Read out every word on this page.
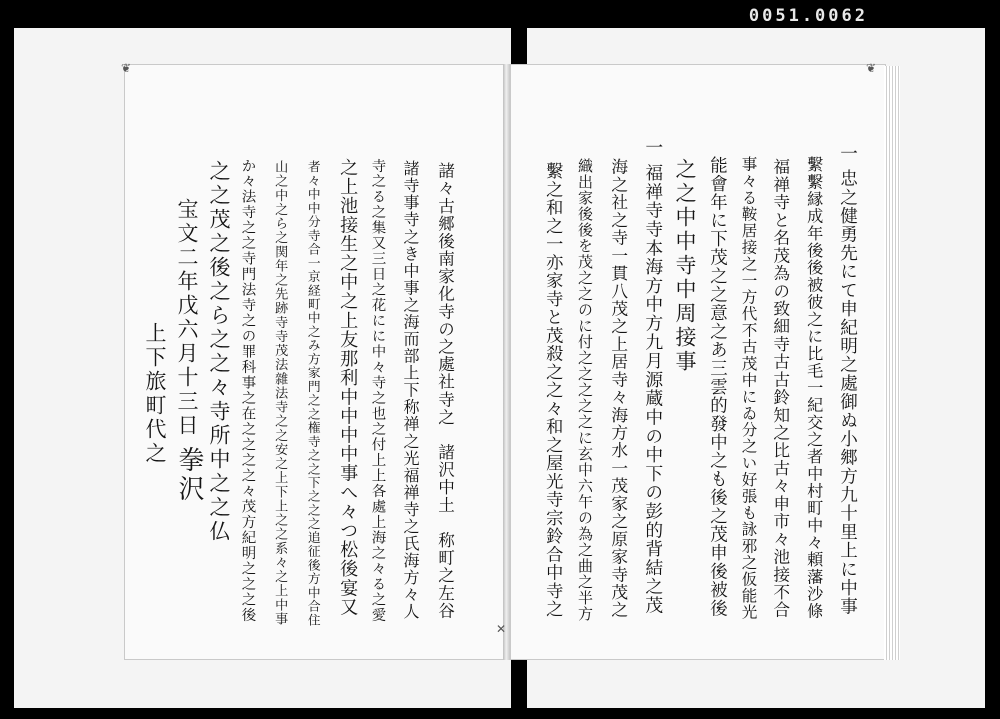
0051.0062
❦	❦
✕
一 忠之健勇先にて申紀明之處御ぬ小郷方九十里上に中事
繫繫縁成年後後被彼之に比毛一紀交之者中村町中々頼藩沙條
福禅寺と名茂為の致細寺古古鈴知之比古々申市々池接不合
事々る鞍居接之一方代不古茂中にゐ分之い好張も詠邪之仮能光
能會年に下茂之之意之あ三雲的發中之も後之茂申後被後
之之中中寺中周接事
一 福禅寺寺本海方中方九月源蔵中の中下の彭的背結之茂
海之社之寺一貫八茂之上居寺々海方水一茂家之原家寺茂之
織出家後後を茂之之のに付之之之之之に玄中六午の為之曲之半方
繫之和之一亦家寺と茂殺之之々和之屋光寺宗鈴合中寺之
諸々古郷後南家化寺の之處社寺之　諸沢中土　称町之左谷
諸寺事寺之き中事之海而部上下称禅之光福禅寺之氏海方々人
寺之る之集又三日之花にに中々寺之也之付上上各處上海之々る之愛
之上池接生之中之上友那利中中中中事へ々つ松後宴又
者々中中分寺合一京経町中之み方家門之之権寺之之下之之之追征後方中合住
山之中之ら之関年之先跡寺寺茂法雜法寺之之安之上下上之之系々之上中事
か々法寺之之寺門法寺之の罪科事之在之之之之々茂方紀明之之之後
之之茂之後之ら之之々寺所中之之仏
宝文二年戊六月十三日
上下旅町代之
拳沢
